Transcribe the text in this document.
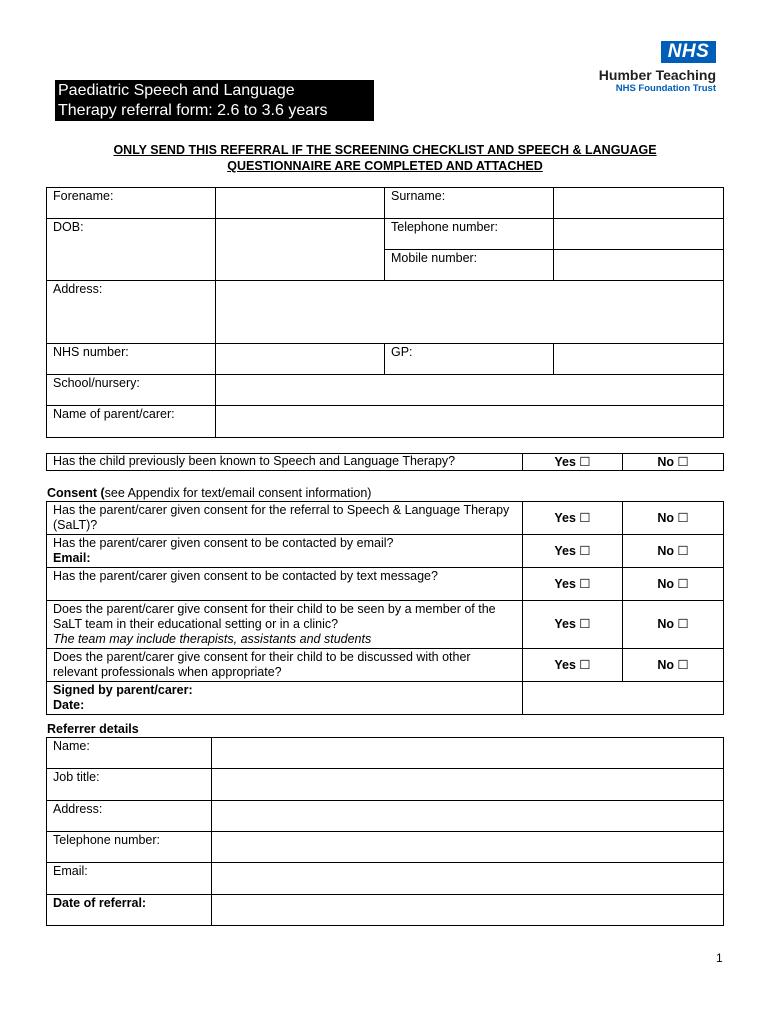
NHS
Humber Teaching
NHS Foundation Trust
Paediatric Speech and Language
Therapy referral form: 2.6 to 3.6 years
ONLY SEND THIS REFERRAL IF THE SCREENING CHECKLIST AND SPEECH & LANGUAGE
QUESTIONNAIRE ARE COMPLETED AND ATTACHED
Forename:		Surname:	
DOB:		Telephone number:	
		Mobile number:	
Address:			
NHS number:		GP:	
School/nursery:			
Name of parent/carer:			
Has the child previously been known to Speech and Language Therapy?	Yes ☐	No ☐
Consent (see Appendix for text/email consent information)
Has the parent/carer given consent for the referral to Speech & Language Therapy (SaLT)?	Yes ☐	No ☐

Has the parent/carer given consent to be contacted by email?
Email:	Yes ☐	No ☐
Has the parent/carer given consent to be contacted by text message?	Yes ☐	No ☐

Does the parent/carer give consent for their child to be seen by a member of the SaLT team in their educational setting or in a clinic?
The team may include therapists, assistants and students	Yes ☐	No ☐
Does the parent/carer give consent for their child to be discussed with other relevant professionals when appropriate?	Yes ☐	No ☐

Signed by parent/carer:
Date:		

Referrer details
Name:	
Job title:	
Address:	
Telephone number:	
Email:	
Date of referral:	
1
